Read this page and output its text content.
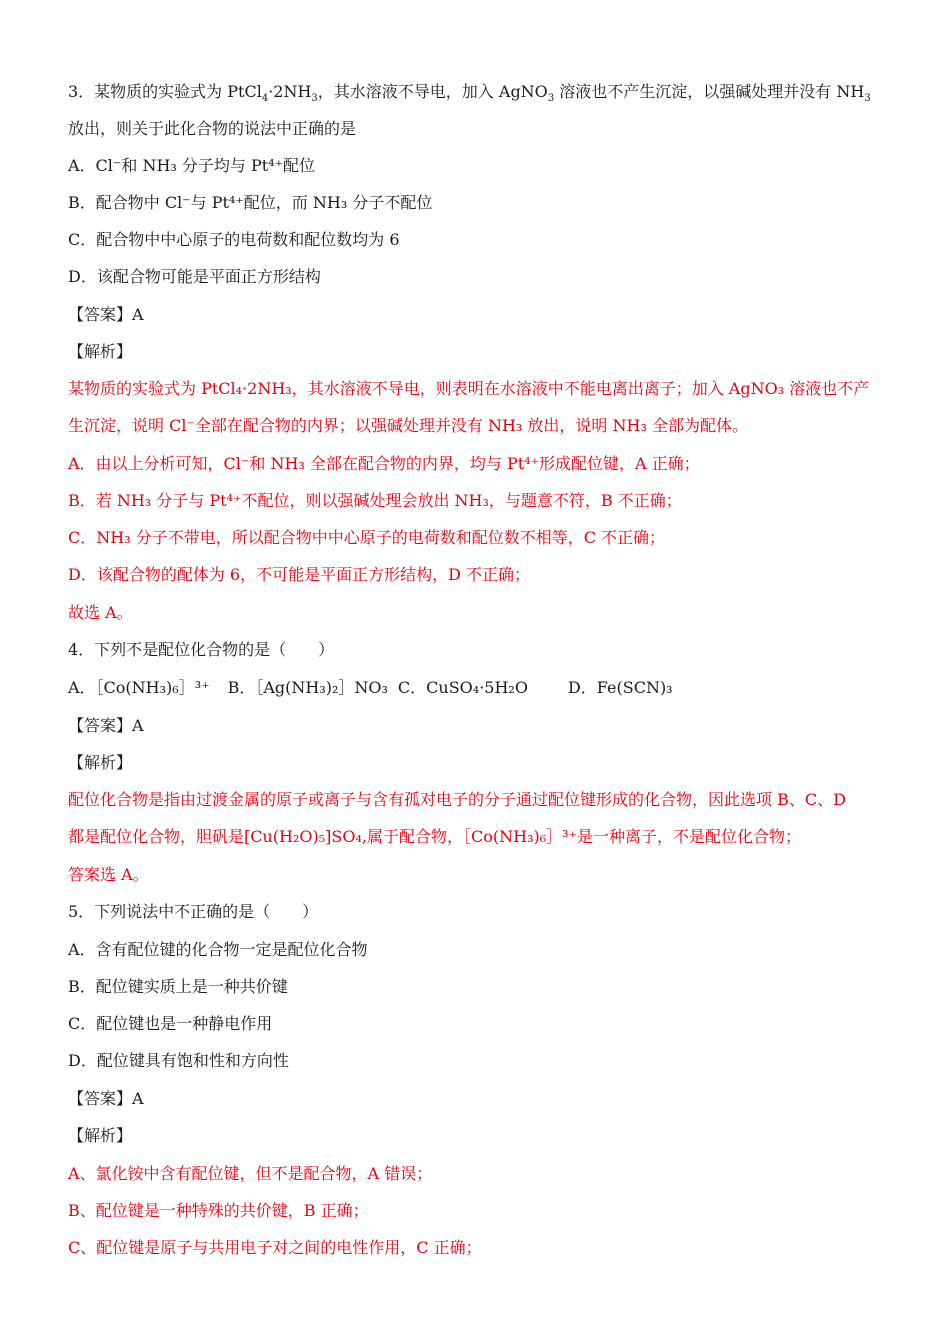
3．某物质的实验式为 $PtCl_4\cdot 2NH_3$，其水溶液不导电，加入 AgNO$_3$ 溶液也不产生沉淀，以强碱处理并没有 $NH_3$
放出，则关于此化合物的说法中正确的是
A．Cl⁻和 NH₃ 分子均与 Pt⁴⁺配位
B．配合物中 Cl⁻与 Pt⁴⁺配位，而 NH₃ 分子不配位
C．配合物中中心原子的电荷数和配位数均为 6
D．该配合物可能是平面正方形结构
【答案】A
【解析】
某物质的实验式为 PtCl₄·2NH₃，其水溶液不导电，则表明在水溶液中不能电离出离子；加入 AgNO₃ 溶液也不产
生沉淀，说明 Cl⁻全部在配合物的内界；以强碱处理并没有 NH₃ 放出，说明 NH₃ 全部为配体。
A．由以上分析可知，Cl⁻和 NH₃ 全部在配合物的内界，均与 Pt⁴⁺形成配位键，A 正确；
B．若 NH₃ 分子与 Pt⁴⁺不配位，则以强碱处理会放出 NH₃，与题意不符，B 不正确；
C．NH₃ 分子不带电，所以配合物中中心原子的电荷数和配位数不相等，C 不正确；
D．该配合物的配体为 6，不可能是平面正方形结构，D 不正确；
故选 A。
4．下列不是配位化合物的是（　　）
A．［Co(NH₃)₆］³⁺ B．［Ag(NH₃)₂］NO₃ C．CuSO₄·5H₂O	D．Fe(SCN)₃
【答案】A
【解析】
配位化合物是指由过渡金属的原子或离子与含有孤对电子的分子通过配位键形成的化合物，因此选项 B、C、D
都是配位化合物，胆矾是[Cu(H₂O)₅]SO₄,属于配合物，［Co(NH₃)₆］³⁺是一种离子，不是配位化合物；
答案选 A。
5．下列说法中不正确的是（　　）
A．含有配位键的化合物一定是配位化合物
B．配位键实质上是一种共价键
C．配位键也是一种静电作用
D．配位键具有饱和性和方向性
【答案】A
【解析】
A、氯化铵中含有配位键，但不是配合物，A 错误；
B、配位键是一种特殊的共价键，B 正确；
C、配位键是原子与共用电子对之间的电性作用，C 正确；
